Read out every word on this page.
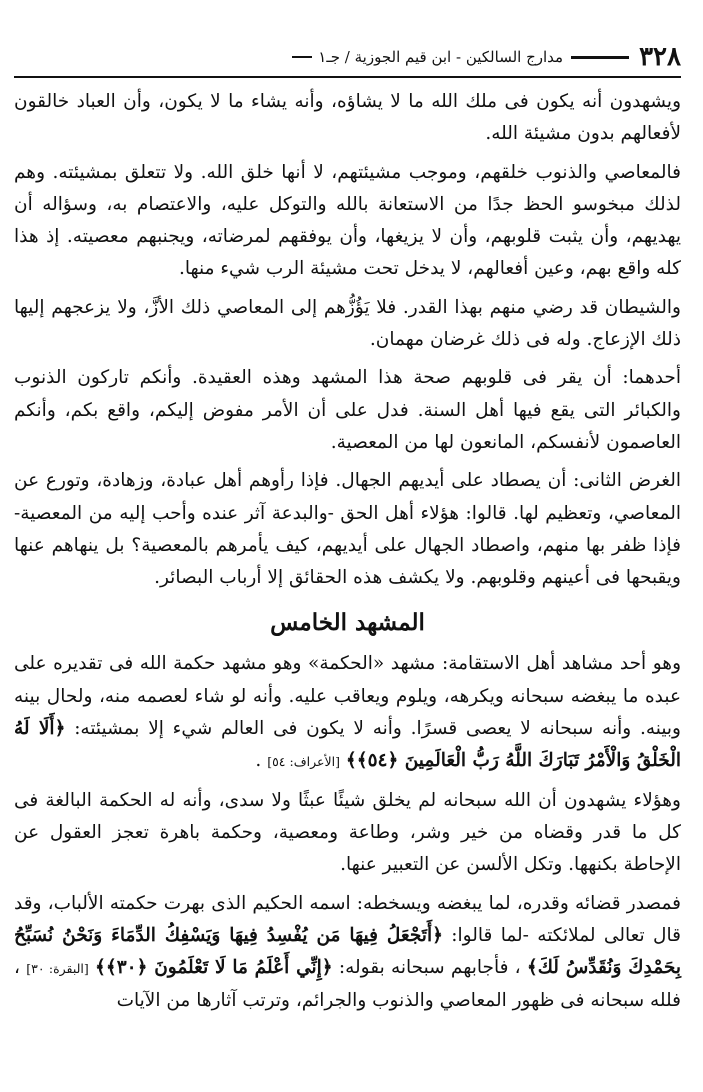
٣٢٨
مدارج السالكين - ابن قيم الجوزية / جـ١

ويشهدون أنه يكون فى ملك الله ما لا يشاؤه، وأنه يشاء ما لا يكون، وأن العباد خالقون لأفعالهم بدون مشيئة الله.

فالمعاصي والذنوب خلقهم، وموجب مشيئتهم، لا أنها خلق الله. ولا تتعلق بمشيئته. وهم لذلك مبخوسو الحظ جدًا من الاستعانة بالله والتوكل عليه، والاعتصام به، وسؤاله أن يهديهم، وأن يثبت قلوبهم، وأن لا يزيغها، وأن يوفقهم لمرضاته، ويجنبهم معصيته. إذ هذا كله واقع بهم، وعين أفعالهم، لا يدخل تحت مشيئة الرب شيء منها.

والشيطان قد رضي منهم بهذا القدر. فلا يَؤُزُّهم إلى المعاصي ذلك الأزَّ، ولا يزعجهم إليها ذلك الإزعاج. وله فى ذلك غرضان مهمان.

أحدهما: أن يقر فى قلوبهم صحة هذا المشهد وهذه العقيدة. وأنكم تاركون الذنوب والكبائر التى يقع فيها أهل السنة. فدل على أن الأمر مفوض إليكم، واقع بكم، وأنكم العاصمون لأنفسكم، المانعون لها من المعصية.

الغرض الثانى: أن يصطاد على أيديهم الجهال. فإذا رأوهم أهل عبادة، وزهادة، وتورع عن المعاصي، وتعظيم لها. قالوا: هؤلاء أهل الحق -والبدعة آثر عنده وأحب إليه من المعصية- فإذا ظفر بها منهم، واصطاد الجهال على أيديهم، كيف يأمرهم بالمعصية؟ بل ينهاهم عنها ويقبحها فى أعينهم وقلوبهم. ولا يكشف هذه الحقائق إلا أرباب البصائر.

المشهد الخامس

وهو أحد مشاهد أهل الاستقامة: مشهد «الحكمة» وهو مشهد حكمة الله فى تقديره على عبده ما يبغضه سبحانه ويكرهه، ويلوم ويعاقب عليه. وأنه لو شاء لعصمه منه، ولحال بينه وبينه. وأنه سبحانه لا يعصى قسرًا. وأنه لا يكون فى العالم شيء إلا بمشيئته: ﴿أَلَا لَهُ الْخَلْقُ وَالْأَمْرُ تَبَارَكَ اللَّهُ رَبُّ الْعَالَمِينَ ﴿٥٤﴾﴾ [الأعراف: ٥٤] .

وهؤلاء يشهدون أن الله سبحانه لم يخلق شيئًا عبثًا ولا سدى، وأنه له الحكمة البالغة فى كل ما قدر وقضاه من خير وشر، وطاعة ومعصية، وحكمة باهرة تعجز العقول عن الإحاطة بكنهها. وتكل الألسن عن التعبير عنها.

فمصدر قضائه وقدره، لما يبغضه ويسخطه: اسمه الحكيم الذى بهرت حكمته الألباب، وقد قال تعالى لملائكته -لما قالوا: ﴿أَتَجْعَلُ فِيهَا مَن يُفْسِدُ فِيهَا وَيَسْفِكُ الدِّمَاءَ وَنَحْنُ نُسَبِّحُ بِحَمْدِكَ وَنُقَدِّسُ لَكَ﴾ ، فأجابهم سبحانه بقوله: ﴿إِنِّي أَعْلَمُ مَا لَا تَعْلَمُونَ ﴿٣٠﴾﴾ [البقرة: ٣٠] ، فلله سبحانه فى ظهور المعاصي والذنوب والجرائم، وترتب آثارها من الآيات
